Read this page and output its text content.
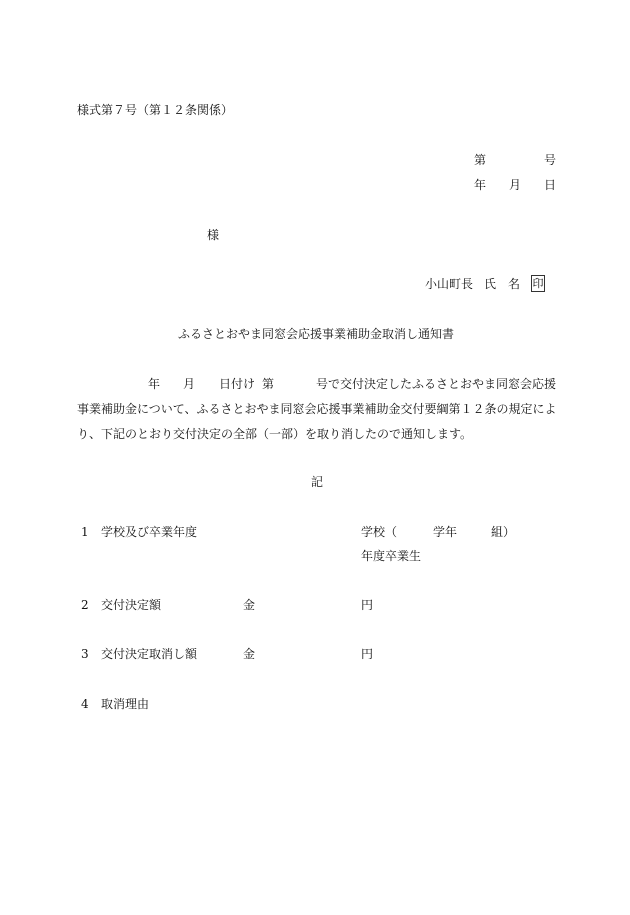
様式第７号（第１２条関係）
第	号
年 月 日
様
小山町長 氏　名 印
ふるさとおやま同窓会応援事業補助金取消し通知書
年 月 日付け 第	号で交付決定したふるさとおやま同窓会応援
事業補助金について、ふるさとおやま同窓会応援事業補助金交付要綱第１２条の規定によ
り、下記のとおり交付決定の全部（一部）を取り消したので通知します。
記
1 学校及び卒業年度	学校（	学年	組）
年度卒業生
2 交付決定額	金	円
3 交付決定取消し額	金	円
4 取消理由
